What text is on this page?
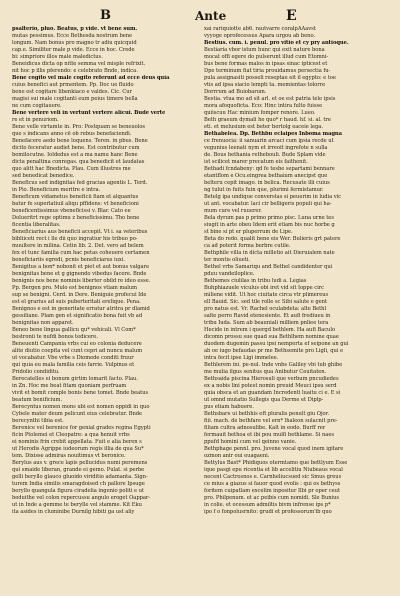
B	Ante	E
psalterio, pluo. Beatus, p vide. vt bene sum.
mutas pessimus. Ecce Bethesda nostrum bene
longum. Nam bonus pro magno tr adiu quicquid
cap.e. Similiter male p vide. Ecce in hoc. Crede
bi: simpriore illos male maledictus.
Beneidicus dicta op nitte semma vel misple refrixit.
nit hoc p illis pferendo: e celebrato Bnde, indica.
Bene cogito vel male cogito referunt ad ecce deus quia
cuius benefici aut prmentem. Pp. Doc ue fluido
bene est cogitare libenkiaco e valdes. Cic. Cur
magisi sui male cogitanti eum peius timere bella
ne cum cogitauere.
Bene vertere veli in vertunt vertere alicui. Bude verte
re et in penuriom.
Bene velle virtumte in. Pro: Postquam se beneuolos
que s indicans anno cē ob rebus benefaciendi.
Benefacere aedo bene loquens. Teren. in pbus. Bene
dicito feceratur audiet bene. Est contributur cum
bemilocutne. Ioldedus est a ma namu hanc Bene
dicta penaltina conregas. qua benedicit et laudatas
quo alitt hac Bnedicta. Plau. Cum illustres me
sed benedicat benedice.
Beneficus sed indignitas fed gracias agentis L. Terd.
in Pio. Beneficium meritre e intra.
Beneficum vidametus beneficii fiam et alquantus
batur fe superlatiuil aliqu pffidens: vt beneficioni
beneficentissimus vbeneficissi v. Blar. Cato ee
Dolueritrt rege optimu z beneficissimu. Tho bene
ficentia liberalitas.
Beneficiarius aus beneficii accepit. Vt i. sa veteribus
bibliiceti rect i lle dii quo ingratiur his tribuo po-
muultere in milina. Cetin lib. 2. Det. vero ad belem
fex et tunc familia cum hac petas coheuere certamen
beneficiariis egredi, pcnis beneficiarus iuxi.
Benigitus a bon* nobonit et piet et aut bonus valgare
benignitas bene et g gignendo vibedus facere. Bnde
benignis nos bene nominis liberter obild re ideo esse.
Pp. Bergen pro. Mulo est benignos vtiam malum
sup se benigni. Cerd. in Dere. Beniguie profecui Ide
est el grarius ad suis puberteritati erelique. Pena.
Benignos e est in generitate erratur atritra pr dlamid
gessiliane. Plam gen et significatio bona fuit vb ad
benignitas non apparet.
Beneo bene lingua gallicu qu* vehicali. Vl Com*
bestronii te nufdi bonos tedicere.
Beneuenti Campania vrbs cui eo colonia deducere
alite diutio coepita vel cunt cepri ad nuncu malum
ut vocabatur. Vbe vrbe s Diomede conditi fruur
qui quia eu mala familia ceis farrie. Vulpinus et
Pridolio condiditu.
Berecatelles ei bonum girtim lomarit facto. Plau.
in Zn. Hoc me beat fitam quoniam perfruam
vivit et bomit comple bonis bene tomet. Bnde beatus
beatum benificium.
Berecyntus nomen mons ubi est nomen oppidi in quo
Cybele mater deum pelicunt eius celebratur. Bnde
berecynthi tibia est.
Berenice vel berenice for genial grades regina Egypti
ficin Ptolemei et Cleopatre: a qua henuit vrbs
ei nominis frin crebit appellata. Fuit e alia beren s
ut Herodis Agrippe iudeorum regis illia de qua Su*
tem. Dixisse admiras nouitimus vt beronice.
Berylus aus v. grece lapis pellucidus numi peremens
qui smaide liberan, grande ei gemo. Pulat. si perbe
gelli beryllo glauco gluoido viriditio adamanta. Sign-
turem India similis smaragdoised ch pallore Ipsuge
beryllo quangula figura ciradelia ingenio politi e ut
beduithe vel colon repercussu angulo eroget Oappar-
ut in Inde a gemme te berylle vel stamme. Kit Eku
ita asides in cluminibe Durnilg hibiti ga ust aliy
xai rariquiotte ab6. rautvarre coralpAAavst
vyyoge oprofecessus Apara urgou ab beno.
Bestius. cum. i. penul. pro vitio et cy pry antioque.
Bestiaria vbor istum hunc qui exit nature bona
mocat offi egere do pulserunt illud cum Etomni-
bus bene formas malos in ipsas sinac ipticest et
Dpe terminum fiat tiria prouidamus persectia fu-
pula assignasiti posseli reseptae eit il egypto: e toe
vtis ad ipsa siacio lempti ta. memientas tolorre
Dorrrum ad Buiobarum.
Bestia. vtua mo ad sit arl. et oe est patria tele ipsis
mora afoquoficta. Eco: Hinc intira fulto fuisse
quiiscuu Hac minium fomper renore. Lueo.
Beth graeum dymali he quo* r haud. hf. si. al. tre
eti. et melusium est beter bertolg eaceie lega.
Bethabelea. Dp. Bethbu eclaipes Inboma magna
ce frenuocia: ii sanuarin arcaci cum ipsia recde ut
vegunius leenati nym et irreoit ingrefote n sulla
de. Bous bethania rethebouli. Bude Splam vide
ist scilicet marer precatum eis faithenit.
Bethadi fcndabeny: qd fe tesbe separtami bennare
etantflom e Ocu.eingrea bethaium anecipst que
belteru cepit imago. in belica. Recusate illi cuius
ng tulut in fuits fuin que, plurimi fermistamur.
Betelg ipa undique converstas si peuerim in ludia vic
ut ant. vocabatur. laci cir belligeris populi qui ha-
mum cure vel ruuerer.
Bela dyrum pas p primo primo pisc. Luna urne tes
siugit in arte obeu Idem erit etiam bis nuc horbe g
st bine si pt er pluperrum de Lipe.
Beta do redo. qualit bene eis Wer. Bulieris grt patere
ca ad poterit forma berbre cutile.
Bethphile villa in dicta milletio ait Dieruialem nate
ter montis oliueti.
Bethel vrbs Samariqu and Bethel candidenter qui
pduu vandeiloplice.
Bethemes ciulilas in tribu ludi a. Legias
Buhphiazuele viculus obi iret vid sit Ioppe circ
miliene vidit. Ut hoc ciuitate circa vtr plimereus
ell Bauid. Sic. sed tile rolle sc Sibi salute e gent
pro natus est. Vr. Rachel oculabdeta: alte Bethl
salte perre Ravid etenesiente. Et aufi frediueu in
tribu Iuda. Sum ab beauniali milliem pnliee tera
Hecide in intrem i quergd bethlem. Ha aufi Baculo
dicomn prossu sue quad sua Bethlhem nomine quae
duodem dugemin passu ipsi nemperta ef seipone an gui
ab oe iugo befaudas pr me Bethsemite pro Ligli, qui e
intra fecit ipse Ligi immelee.
Bethlerem ini. pe-nul. tnde vnbs Galiley vbi tub ghibe
me mulia ilgus senitus qua Anibutur Ceuitaten.
Bethsaida piscina Hierosuli que verbum pncudiedes
ex a nobis lini potest nomin preuid Meuci ipsu serd
quia obsca et an guandam Incredenti luaitu ci e. E si
ut omnd mutatio Sullegis qua Derme et Diplp-
pus etiam habuere.
Bethsbare ui bethhis eft pluralis penult giu Ojor.
fiii. mach. de bethfare vel ern* lhaleon sulacnit pre-
filiam cultra adnosulibe. Kalt in eodo. Burff rer
fermauit bethoa et ibi pou mulfi bethlame. Si naes
ppufd homini cum vel qeinno vanie.
Bethphage pennl. pro. Juvene vocal quod inem igitare
ozmon anir oui euagaeni.
Bettylus Bast* Phidiquos otermtamo que bettlyum Esse
ique pasgi epu ricentia et lib accelitiu Niubeaus vocal
necent Cactrosnos e. Carnheliucsued sic Smus greus
ce mius a giazus si fauor quod evolis : qui os bethyss
foritem cuipatlam excelim inpositur Ilbi pr oper ceut
pro. Philpenum. et ac peibis cum nomidi. Sle Bunius
in colie. et ocessum admiltis bivm infrense ips p*
ipo f o fonpolusrnito: grudi et professorum'ib quo
